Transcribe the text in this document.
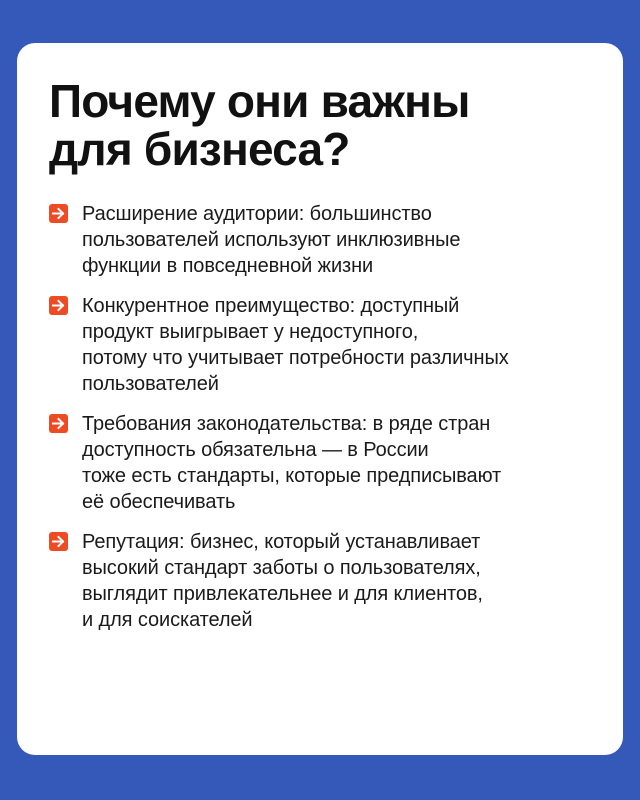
Почему они важны
для бизнеса?
Расширение аудитории: большинство
пользователей используют инклюзивные
функции в повседневной жизни
Конкурентное преимущество: доступный
продукт выигрывает у недоступного,
потому что учитывает потребности различных
пользователей
Требования законодательства: в ряде стран
доступность обязательна — в России
тоже есть стандарты, которые предписывают
её обеспечивать
Репутация: бизнес, который устанавливает
высокий стандарт заботы о пользователях,
выглядит привлекательнее и для клиентов,
и для соискателей
